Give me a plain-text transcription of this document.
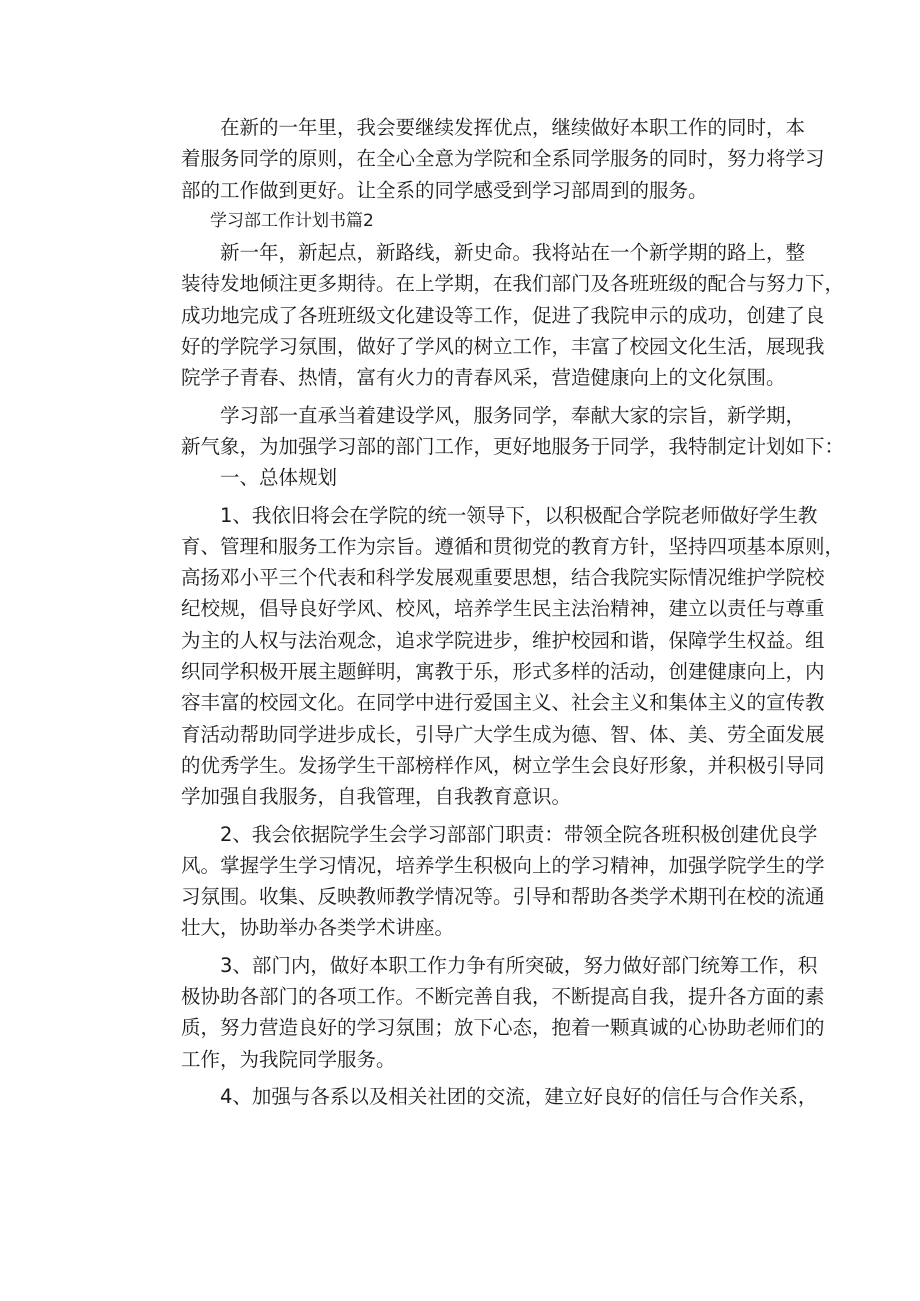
在新的一年里，我会要继续发挥优点，继续做好本职工作的同时，本
着服务同学的原则，在全心全意为学院和全系同学服务的同时，努力将学习
部的工作做到更好。让全系的同学感受到学习部周到的服务。

学习部工作计划书篇2

新一年，新起点，新路线，新史命。我将站在一个新学期的路上，整
装待发地倾注更多期待。在上学期，在我们部门及各班班级的配合与努力下，
成功地完成了各班班级文化建设等工作，促进了我院申示的成功，创建了良
好的学院学习氛围，做好了学风的树立工作，丰富了校园文化生活，展现我
院学子青春、热情，富有火力的青春风采，营造健康向上的文化氛围。

学习部一直承当着建设学风，服务同学，奉献大家的宗旨，新学期，
新气象，为加强学习部的部门工作，更好地服务于同学，我特制定计划如下：

一、总体规划

1、我依旧将会在学院的统一领导下，以积极配合学院老师做好学生教
育、管理和服务工作为宗旨。遵循和贯彻党的教育方针，坚持四项基本原则，
高扬邓小平三个代表和科学发展观重要思想，结合我院实际情况维护学院校
纪校规，倡导良好学风、校风，培养学生民主法治精神，建立以责任与尊重
为主的人权与法治观念，追求学院进步，维护校园和谐，保障学生权益。组
织同学积极开展主题鲜明，寓教于乐，形式多样的活动，创建健康向上，内
容丰富的校园文化。在同学中进行爱国主义、社会主义和集体主义的宣传教
育活动帮助同学进步成长，引导广大学生成为德、智、体、美、劳全面发展
的优秀学生。发扬学生干部榜样作风，树立学生会良好形象，并积极引导同
学加强自我服务，自我管理，自我教育意识。

2、我会依据院学生会学习部部门职责：带领全院各班积极创建优良学
风。掌握学生学习情况，培养学生积极向上的学习精神，加强学院学生的学
习氛围。收集、反映教师教学情况等。引导和帮助各类学术期刊在校的流通
壮大，协助举办各类学术讲座。

3、部门内，做好本职工作力争有所突破，努力做好部门统筹工作，积
极协助各部门的各项工作。不断完善自我，不断提高自我，提升各方面的素
质，努力营造良好的学习氛围；放下心态，抱着一颗真诚的心协助老师们的
工作，为我院同学服务。

4、加强与各系以及相关社团的交流，建立好良好的信任与合作关系，
